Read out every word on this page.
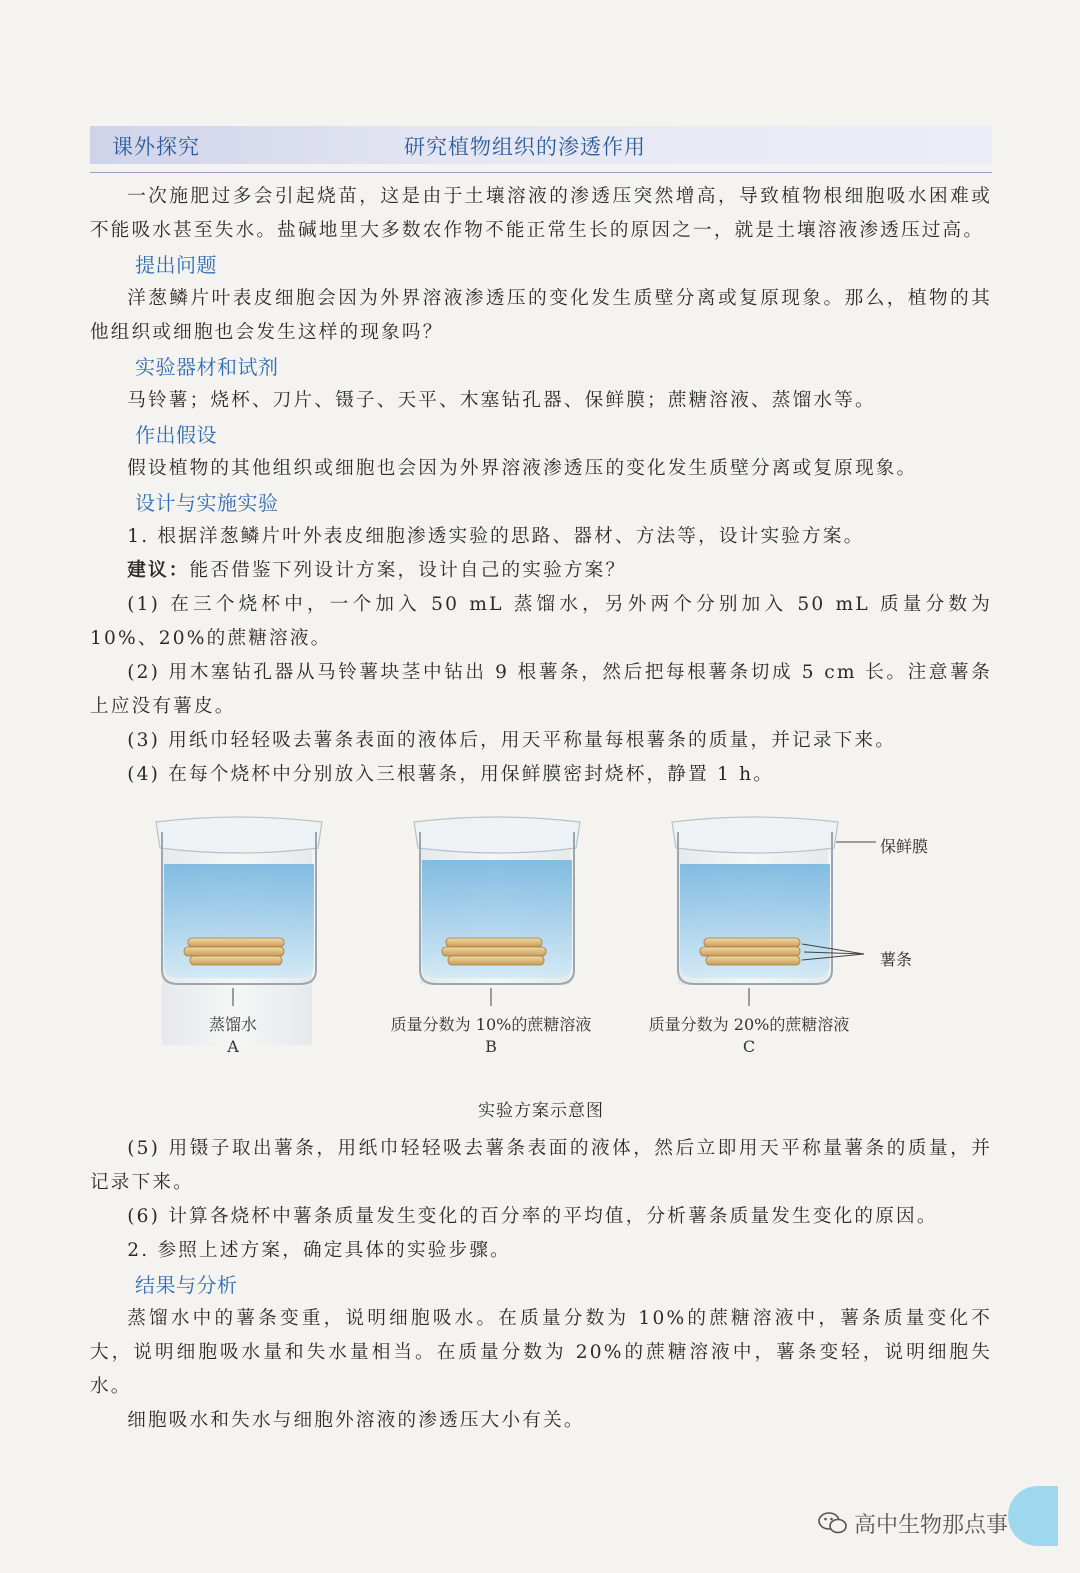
课外探究	研究植物组织的渗透作用

一次施肥过多会引起烧苗，这是由于土壤溶液的渗透压突然增高，导致植物根细胞吸水困难或不能吸水甚至失水。盐碱地里大多数农作物不能正常生长的原因之一，就是土壤溶液渗透压过高。

提出问题

洋葱鳞片叶表皮细胞会因为外界溶液渗透压的变化发生质壁分离或复原现象。那么，植物的其他组织或细胞也会发生这样的现象吗？

实验器材和试剂

马铃薯；烧杯、刀片、镊子、天平、木塞钻孔器、保鲜膜；蔗糖溶液、蒸馏水等。

作出假设

假设植物的其他组织或细胞也会因为外界溶液渗透压的变化发生质壁分离或复原现象。

设计与实施实验

1. 根据洋葱鳞片叶外表皮细胞渗透实验的思路、器材、方法等，设计实验方案。

建议：能否借鉴下列设计方案，设计自己的实验方案？

(1) 在三个烧杯中，一个加入 50 mL 蒸馏水，另外两个分别加入 50 mL 质量分数为 10%、20%的蔗糖溶液。

(2) 用木塞钻孔器从马铃薯块茎中钻出 9 根薯条，然后把每根薯条切成 5 cm 长。注意薯条上应没有薯皮。

(3) 用纸巾轻轻吸去薯条表面的液体后，用天平称量每根薯条的质量，并记录下来。

(4) 在每个烧杯中分别放入三根薯条，用保鲜膜密封烧杯，静置 1 h。

蒸馏水
A
质量分数为 10%的蔗糖溶液
B
质量分数为 20%的蔗糖溶液
C
保鲜膜
薯条
实验方案示意图

(5) 用镊子取出薯条，用纸巾轻轻吸去薯条表面的液体，然后立即用天平称量薯条的质量，并记录下来。

(6) 计算各烧杯中薯条质量发生变化的百分率的平均值，分析薯条质量发生变化的原因。

2. 参照上述方案，确定具体的实验步骤。

结果与分析

蒸馏水中的薯条变重，说明细胞吸水。在质量分数为 10%的蔗糖溶液中，薯条质量变化不大，说明细胞吸水量和失水量相当。在质量分数为 20%的蔗糖溶液中，薯条变轻，说明细胞失水。

细胞吸水和失水与细胞外溶液的渗透压大小有关。

高中生物那点事
